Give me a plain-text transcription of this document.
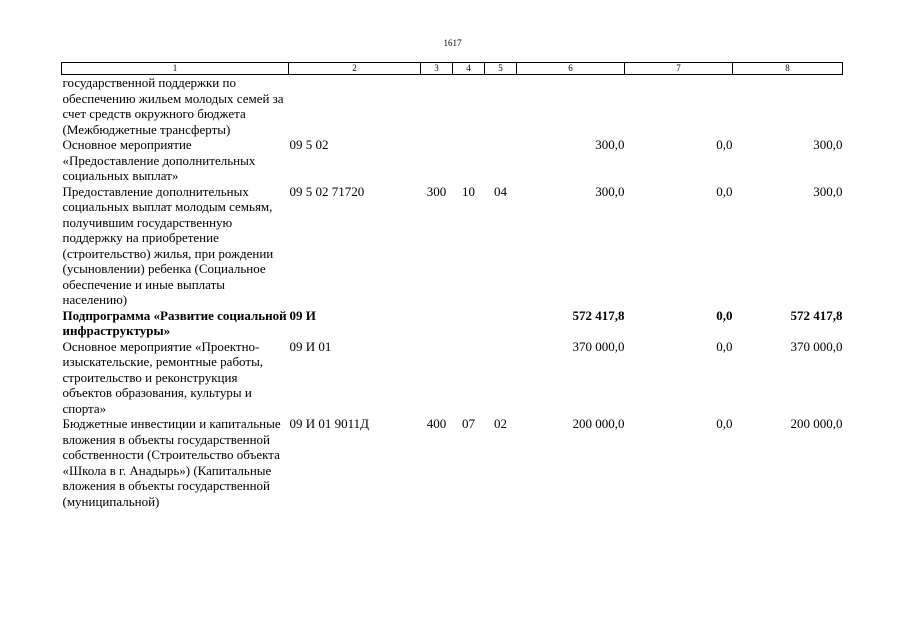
1617
1	2	3	4	5	6	7	8
государственной поддержки по обеспечению жильем молодых семей за счет средств окружного бюджета (Межбюджетные трансферты)							
Основное мероприятие «Предоставление дополнительных социальных выплат»	09 5 02				300,0	0,0	300,0
Предоставление дополнительных социальных выплат молодым семьям, получившим государственную поддержку на приобретение (строительство) жилья, при рождении (усыновлении) ребенка (Социальное обеспечение и иные выплаты населению)	09 5 02 71720	300	10	04	300,0	0,0	300,0
Подпрограмма «Развитие социальной инфраструктуры»	09 И				572 417,8	0,0	572 417,8
Основное мероприятие «Проектно-изыскательские, ремонтные работы, строительство и реконструкция объектов образования, культуры и спорта»	09 И 01				370 000,0	0,0	370 000,0
Бюджетные инвестиции и капитальные вложения в объекты государственной собственности (Строительство объекта «Школа в г. Анадырь») (Капитальные вложения в объекты государственной (муниципальной)	09 И 01 9011Д	400	07	02	200 000,0	0,0	200 000,0
